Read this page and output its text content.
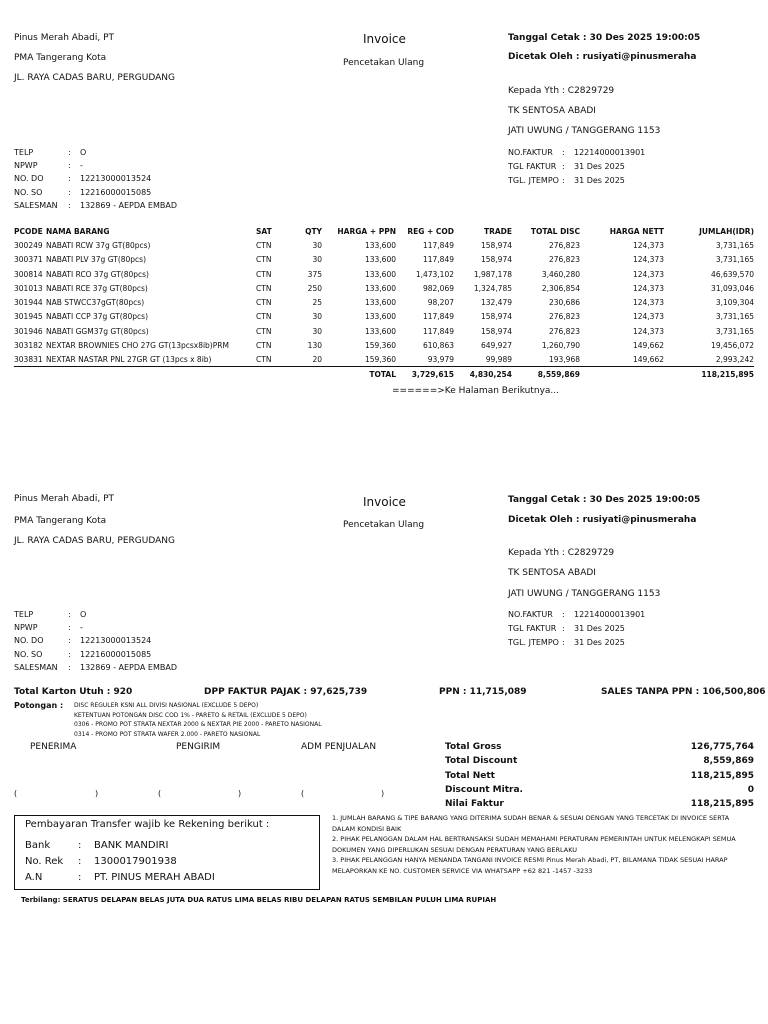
Pinus Merah Abadi, PT
PMA Tangerang Kota
JL. RAYA CADAS BARU, PERGUDANG
Invoice
Pencetakan Ulang
Tanggal Cetak : 30 Des 2025 19:00:05
Dicetak Oleh : rusiyati@pinusmeraha
Kepada Yth : C2829729
TK SENTOSA ABADI
JATI UWUNG / TANGGERANG 1153
TELP	: O
NPWP	: -
NO. DO	: 12213000013524
NO. SO	: 12216000015085
SALESMAN : 132869 - AEPDA EMBAD
NO.FAKTUR : 12214000013901
TGL FAKTUR : 31 Des 2025
TGL. JTEMPO : 31 Des 2025
PCODE	NAMA BARANG	SAT	QTY	HARGA + PPN	REG + COD	TRADE	TOTAL DISC	HARGA NETT	JUMLAH(IDR)
300249	NABATI RCW 37g GT(80pcs)	CTN	30	133,600	117,849	158,974	276,823	124,373	3,731,165
300371	NABATI PLV 37g GT(80pcs)	CTN	30	133,600	117,849	158,974	276,823	124,373	3,731,165
300814	NABATI RCO 37g GT(80pcs)	CTN	375	133,600	1,473,102	1,987,178	3,460,280	124,373	46,639,570
301013	NABATI RCE 37g GT(80pcs)	CTN	250	133,600	982,069	1,324,785	2,306,854	124,373	31,093,046
301944	NAB STWCC37gGT(80pcs)	CTN	25	133,600	98,207	132,479	230,686	124,373	3,109,304
301945	NABATI CCP 37g GT(80pcs)	CTN	30	133,600	117,849	158,974	276,823	124,373	3,731,165
301946	NABATI GGM37g GT(80pcs)	CTN	30	133,600	117,849	158,974	276,823	124,373	3,731,165
303182	NEXTAR BROWNIES CHO 27G GT(13pcsx8ib)PRM	CTN	130	159,360	610,863	649,927	1,260,790	149,662	19,456,072
303831	NEXTAR NASTAR PNL 27GR GT (13pcs x 8ib)	CTN	20	159,360	93,979	99,989	193,968	149,662	2,993,242
				TOTAL	3,729,615	4,830,254	8,559,869		118,215,895
======>Ke Halaman Berikutnya...
Pinus Merah Abadi, PT
PMA Tangerang Kota
JL. RAYA CADAS BARU, PERGUDANG
Invoice
Pencetakan Ulang
Tanggal Cetak : 30 Des 2025 19:00:05
Dicetak Oleh : rusiyati@pinusmeraha
Kepada Yth : C2829729
TK SENTOSA ABADI
JATI UWUNG / TANGGERANG 1153
TELP	: O
NPWP	: -
NO. DO	: 12213000013524
NO. SO	: 12216000015085
SALESMAN : 132869 - AEPDA EMBAD
NO.FAKTUR : 12214000013901
TGL FAKTUR : 31 Des 2025
TGL. JTEMPO : 31 Des 2025
Total Karton Utuh : 920	DPP FAKTUR PAJAK : 97,625,739	PPN : 11,715,089	SALES TANPA PPN : 106,500,806
Potongan : DISC REGULER KSNI ALL DIVISI NASIONAL (EXCLUDE 5 DEPO)
KETENTUAN POTONGAN DISC COD 1% - PARETO & RETAIL (EXCLUDE 5 DEPO)
0306 - PROMO POT STRATA NEXTAR 2000 & NEXTAR PIE 2000 - PARETO NASIONAL
0314 - PROMO POT STRATA WAFER 2.000 - PARETO NASIONAL
PENERIMA	PENGIRIM	ADM PENJUALAN
(	)	(	)	(	)
Total Gross	126,775,764
Total Discount	8,559,869
Total Nett	118,215,895
Discount Mitra.	0
Nilai Faktur	118,215,895
Pembayaran Transfer wajib ke Rekening berikut :
Bank	: BANK MANDIRI
No. Rek : 1300017901938
A.N	: PT. PINUS MERAH ABADI
1. JUMLAH BARANG & TIPE BARANG YANG DITERIMA SUDAH BENAR & SESUAI DENGAN YANG TERCETAK DI INVOICE SERTA DALAM KONDISI BAIK
2. PIHAK PELANGGAN DALAM HAL BERTRANSAKSI SUDAH MEMAHAMI PERATURAN PEMERINTAH UNTUK MELENGKAPI SEMUA DOKUMEN YANG DIPERLUKAN SESUAI DENGAN PERATURAN YANG BERLAKU
3. PIHAK PELANGGAN HANYA MENANDA TANGANI INVOICE RESMI Pinus Merah Abadi, PT, BILAMANA TIDAK SESUAI HARAP MELAPORKAN KE NO. CUSTOMER SERVICE VIA WHATSAPP +62 821 -1457 -3233
Terbilang: SERATUS DELAPAN BELAS JUTA DUA RATUS LIMA BELAS RIBU DELAPAN RATUS SEMBILAN PULUH LIMA RUPIAH
